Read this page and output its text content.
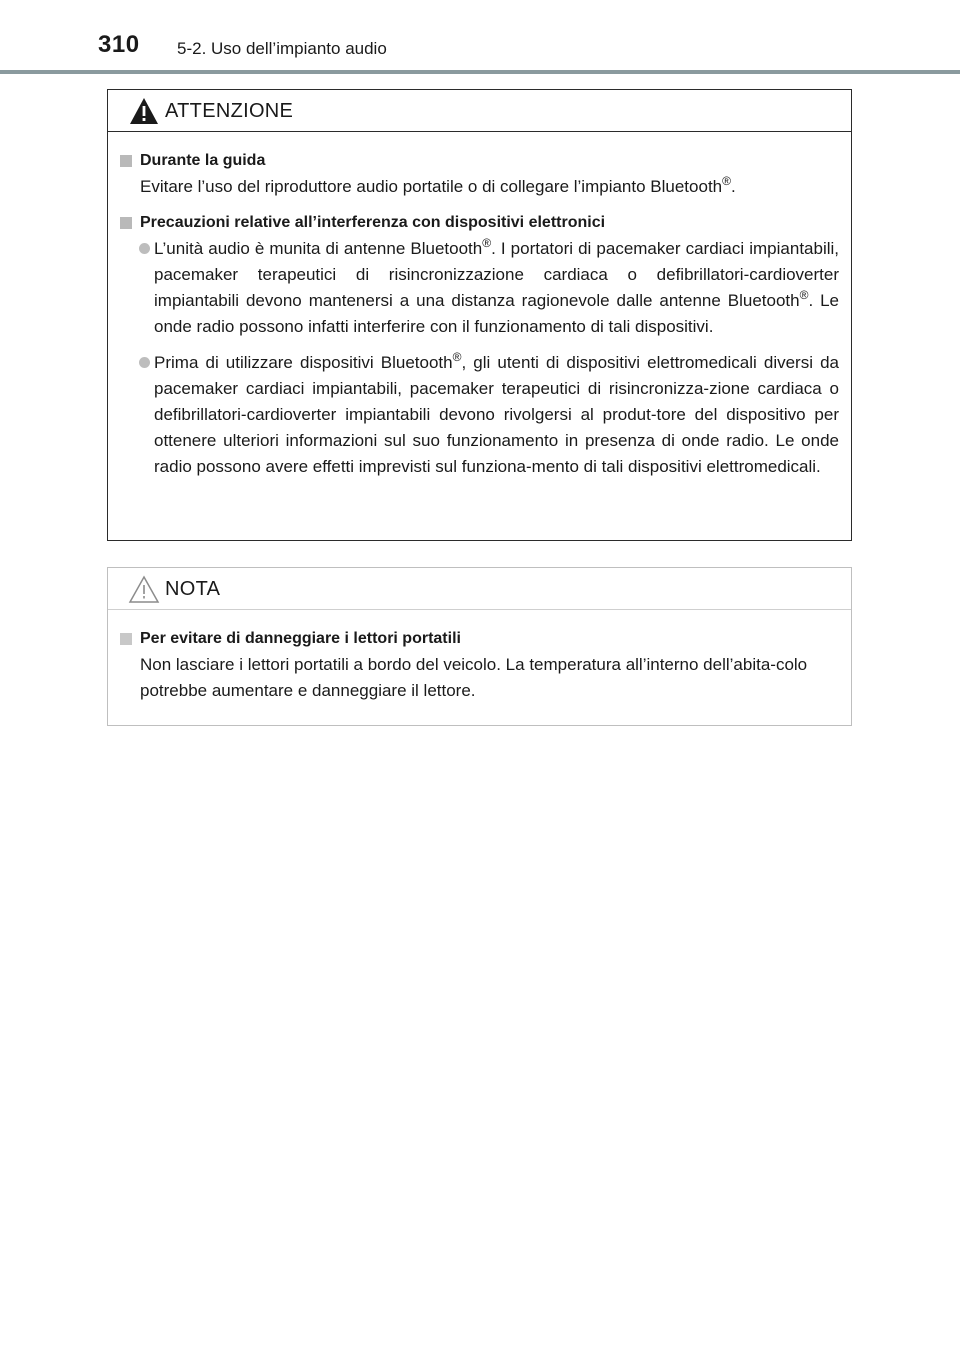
310 5-2. Uso dell’impianto audio
ATTENZIONE
Durante la guida

Evitare l’uso del riproduttore audio portatile o di collegare l’impianto Bluetooth®.

Precauzioni relative all’interferenza con dispositivi elettronici

L’unità audio è munita di antenne Bluetooth®. I portatori di pacemaker cardiaci impiantabili, pacemaker terapeutici di risincronizzazione cardiaca o defibrillatori-cardioverter impiantabili devono mantenersi a una distanza ragionevole dalle antenne Bluetooth®. Le onde radio possono infatti interferire con il funzionamento di tali dispositivi.

Prima di utilizzare dispositivi Bluetooth®, gli utenti di dispositivi elettromedicali diversi da pacemaker cardiaci impiantabili, pacemaker terapeutici di risincronizza-zione cardiaca o defibrillatori-cardioverter impiantabili devono rivolgersi al produt-tore del dispositivo per ottenere ulteriori informazioni sul suo funzionamento in presenza di onde radio. Le onde radio possono avere effetti imprevisti sul funziona-mento di tali dispositivi elettromedicali.

NOTA
Per evitare di danneggiare i lettori portatili

Non lasciare i lettori portatili a bordo del veicolo. La temperatura all’interno dell’abita-colo potrebbe aumentare e danneggiare il lettore.
